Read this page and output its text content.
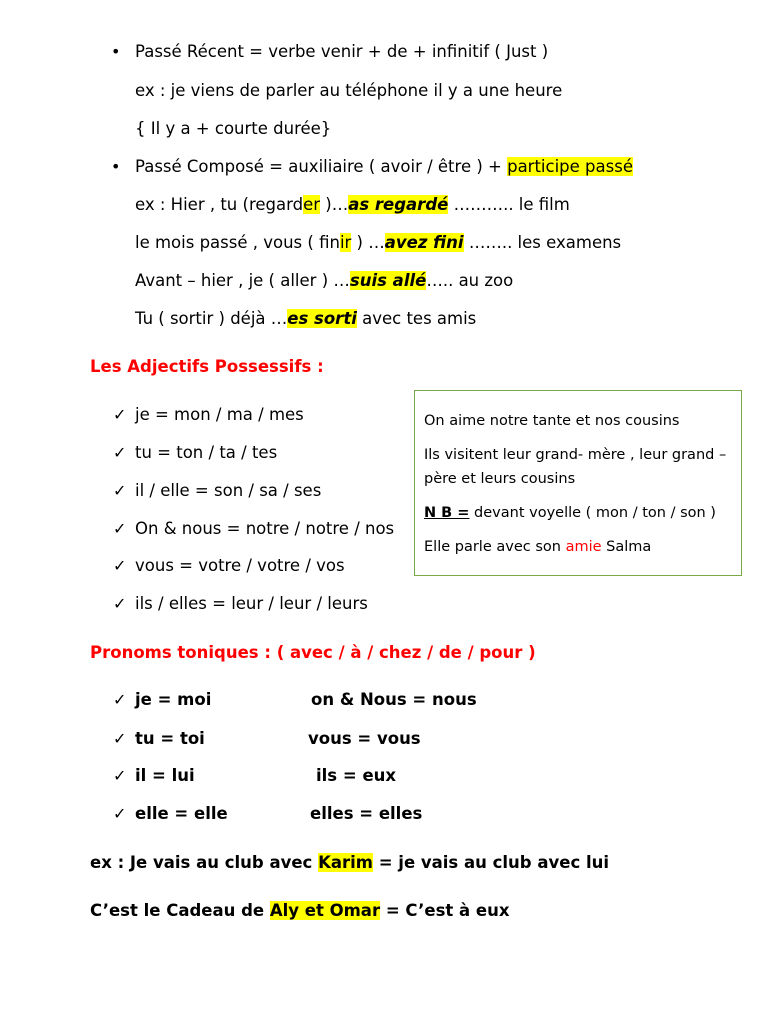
• Passé Récent = verbe venir + de + infinitif ( Just )
ex : je viens de parler au téléphone il y a une heure
{ Il y a + courte durée}
• Passé Composé = auxiliaire ( avoir / être ) + participe passé
ex : Hier , tu (regarder )…as regardé ……….. le film
le mois passé , vous ( finir ) …avez fini …….. les examens
Avant – hier , je ( aller ) …suis allé….. au zoo
Tu ( sortir ) déjà …es sorti avec tes amis
Les Adjectifs Possessifs :
✓ je = mon / ma / mes
✓ tu = ton / ta / tes
✓ il / elle = son / sa / ses
✓ On & nous = notre / notre / nos
✓ vous = votre / votre / vos
✓ ils / elles = leur / leur / leurs
On aime notre tante et nos cousins
Ils visitent leur grand- mère , leur grand –
père et leurs cousins
N B = devant voyelle ( mon / ton / son )
Elle parle avec son amie Salma
Pronoms toniques : ( avec / à / chez / de / pour )
✓ je = moi	on & Nous = nous
✓ tu = toi	vous = vous
✓ il = lui	ils = eux
✓ elle = elle	elles = elles
ex : Je vais au club avec Karim = je vais au club avec lui
C’est le Cadeau de Aly et Omar = C’est à eux
